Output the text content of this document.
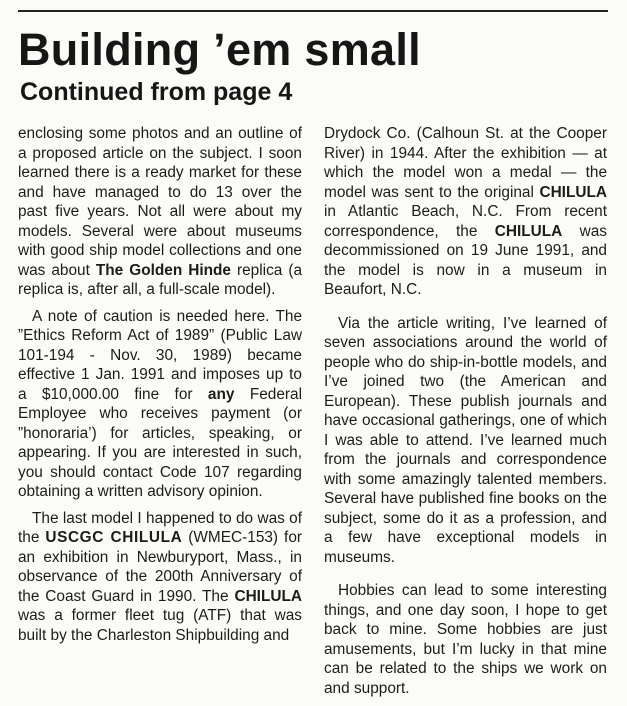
Building ’em small
Continued from page 4

enclosing some photos and an outline of a proposed article on the subject. I soon learned there is a ready market for these and have managed to do 13 over the past five years. Not all were about my models. Several were about museums with good ship model collections and one was about The Golden Hinde replica (a replica is, after all, a full-scale model).

A note of caution is needed here. The ”Ethics Reform Act of 1989” (Public Law 101-194 - Nov. 30, 1989) became effective 1 Jan. 1991 and imposes up to a $10,000.00 fine for any Federal Employee who receives payment (or ”honoraria’) for articles, speaking, or appearing. If you are interested in such, you should contact Code 107 regarding obtaining a written advisory opinion.

The last model I happened to do was of the USCGC CHILULA (WMEC-153) for an exhibition in Newburyport, Mass., in observance of the 200th Anniversary of the Coast Guard in 1990. The CHILULA was a former fleet tug (ATF) that was built by the Charleston Shipbuilding and

Drydock Co. (Calhoun St. at the Cooper River) in 1944. After the exhibition — at which the model won a medal — the model was sent to the original CHILULA in Atlantic Beach, N.C. From recent correspondence, the CHILULA was decommissioned on 19 June 1991, and the model is now in a museum in Beaufort, N.C.

Via the article writing, I’ve learned of seven associations around the world of people who do ship-in-bottle models, and I’ve joined two (the American and European). These publish journals and have occasional gatherings, one of which I was able to attend. I’ve learned much from the journals and correspondence with some amazingly talented members. Several have published fine books on the subject, some do it as a profession, and a few have exceptional models in museums.

Hobbies can lead to some interesting things, and one day soon, I hope to get back to mine. Some hobbies are just amusements, but I’m lucky in that mine can be related to the ships we work on and support.
